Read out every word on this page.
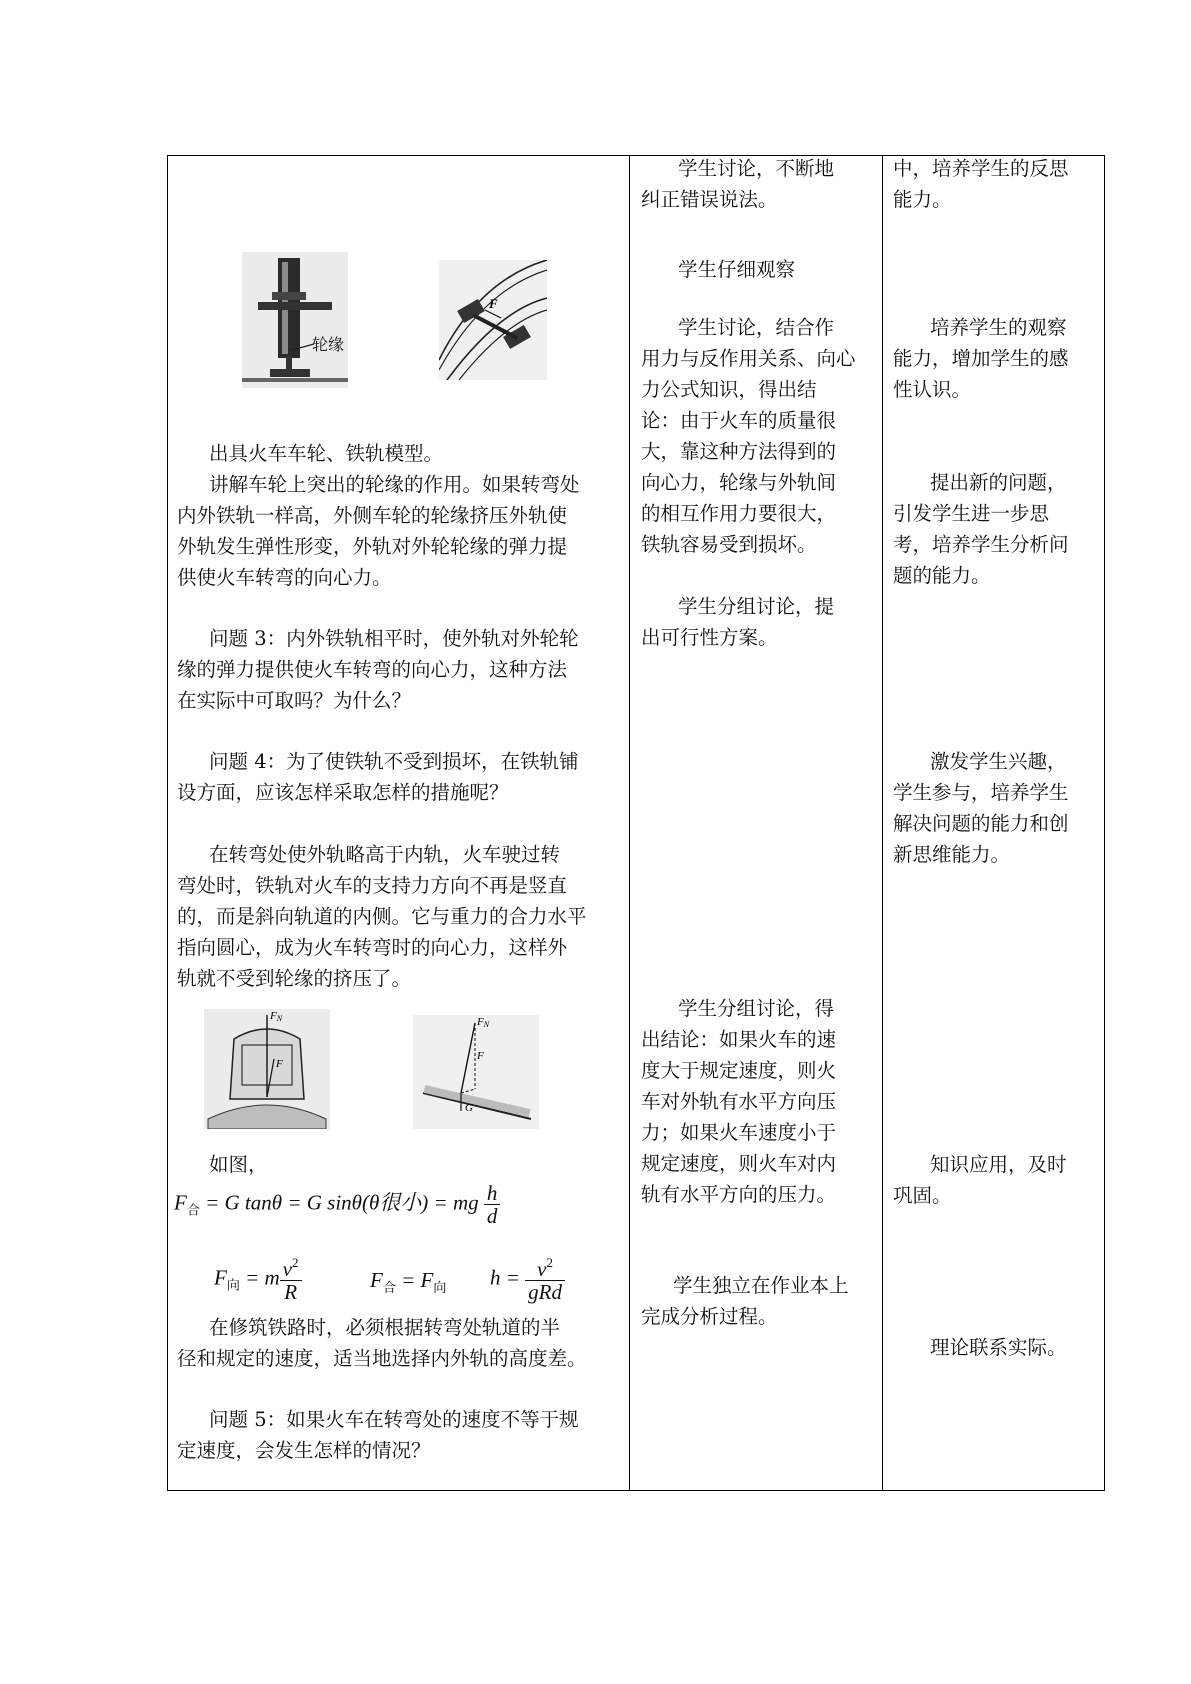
轮缘
F
出具火车车轮、铁轨模型。
讲解车轮上突出的轮缘的作用。如果转弯处
内外铁轨一样高，外侧车轮的轮缘挤压外轨使
外轨发生弹性形变，外轨对外轮轮缘的弹力提
供使火车转弯的向心力。
问题 3：内外铁轨相平时，使外轨对外轮轮
缘的弹力提供使火车转弯的向心力，这种方法
在实际中可取吗？为什么？
问题 4：为了使铁轨不受到损坏，在铁轨铺
设方面，应该怎样采取怎样的措施呢？
在转弯处使外轨略高于内轨，火车驶过转
弯处时，铁轨对火车的支持力方向不再是竖直
的，而是斜向轨道的内侧。它与重力的合力水平
指向圆心，成为火车转弯时的向心力，这样外
轨就不受到轮缘的挤压了。
FN
F
FN
F
G
如图，
$F_合 = G$ tanθ = G sinθ(θ很小) = mg $\frac{h}{d}$
$F_向 = m \frac{v^2}{R}$	$F_合 = F_向$ $h = \frac{v^2}{\text{gRd}}$
在修筑铁路时，必须根据转弯处轨道的半
径和规定的速度，适当地选择内外轨的高度差。
问题 5：如果火车在转弯处的速度不等于规
定速度，会发生怎样的情况？
学生讨论，不断地
纠正错误说法。
学生仔细观察
学生讨论，结合作
用力与反作用关系、向心
力公式知识，得出结
论：由于火车的质量很
大，靠这种方法得到的
向心力，轮缘与外轨间
的相互作用力要很大，
铁轨容易受到损坏。
学生分组讨论，提
出可行性方案。
学生分组讨论，得
出结论：如果火车的速
度大于规定速度，则火
车对外轨有水平方向压
力；如果火车速度小于
规定速度，则火车对内
轨有水平方向的压力。
学生独立在作业本上
完成分析过程。
中，培养学生的反思
能力。
培养学生的观察
能力，增加学生的感
性认识。
提出新的问题，
引发学生进一步思
考，培养学生分析问
题的能力。
激发学生兴趣，
学生参与，培养学生
解决问题的能力和创
新思维能力。
知识应用，及时
巩固。
理论联系实际。
